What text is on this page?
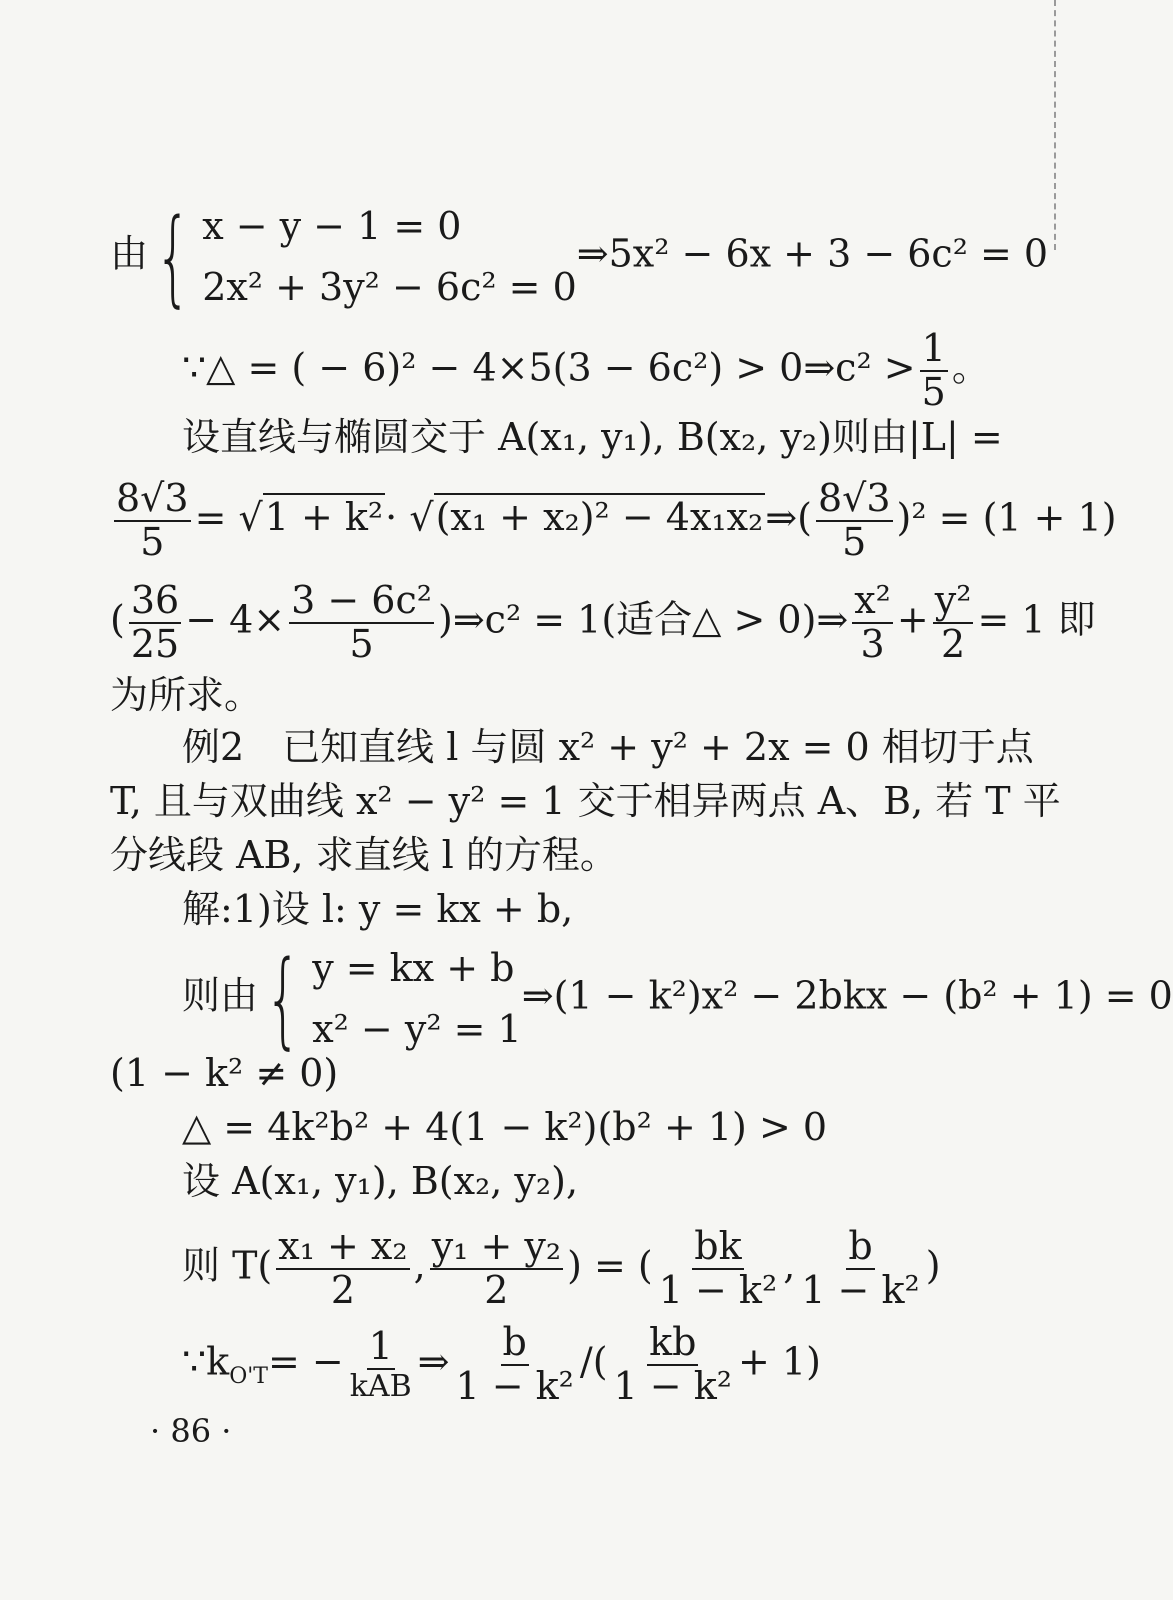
由 { x − y − 1 = 0
2x² + 3y² − 6c² = 0
⇒5x² − 6x + 3 − 6c² = 0
∵△ = ( − 6)² − 4×5(3 − 6c²) > 0⇒c² > $\frac{1}{5}$ 。
设直线与椭圆交于 A(x₁, y₁), B(x₂, y₂)则由|L| =
$\frac{8√3}{5} = √1 + k^2\cdot √(x_1 + x_2)^2$ − 4x₁x₂⇒( $\frac{8√3}{5} )^2 = (1 + 1)$
( $\frac{36}{25} - 4\times \frac{\text{3 − 6c²}}{5}$ )⇒c² = 1(适合△ > 0)⇒ $\frac{\text{x²}}{3} + \frac{\text{y²}}{2} = 1$ 即
为所求。
例2　已知直线 l 与圆 x² + y² + 2x = 0 相切于点
T, 且与双曲线 x² − y² = 1 交于相异两点 A、B, 若 T 平
分线段 AB, 求直线 l 的方程。
解:1)设 l: y = kx + b,
则由 { y = kx + b
x² − y² = 1
⇒(1 − k²)x² − 2bkx − (b² + 1) = 0
(1 − k² ≠ 0)
△ = 4k²b² + 4(1 − k²)(b² + 1) > 0
设 A(x₁, y₁), B(x₂, y₂),
则 $T( \frac{\text{x₁ + x₂}}{2}$ , $\frac{\text{y₁ + y₂}}{2}$ ) = ( $\frac{bk}{\text{1 − k²}}$ , $\frac{b}{\text{1 − k²}}$ )
$\because k_{O'T}= - 1$
kAB
⇒ $\frac{b}{\text{1 − k²}}$ /( $\frac{kb}{\text{1 − k²}} + 1$)
· 86 ·
